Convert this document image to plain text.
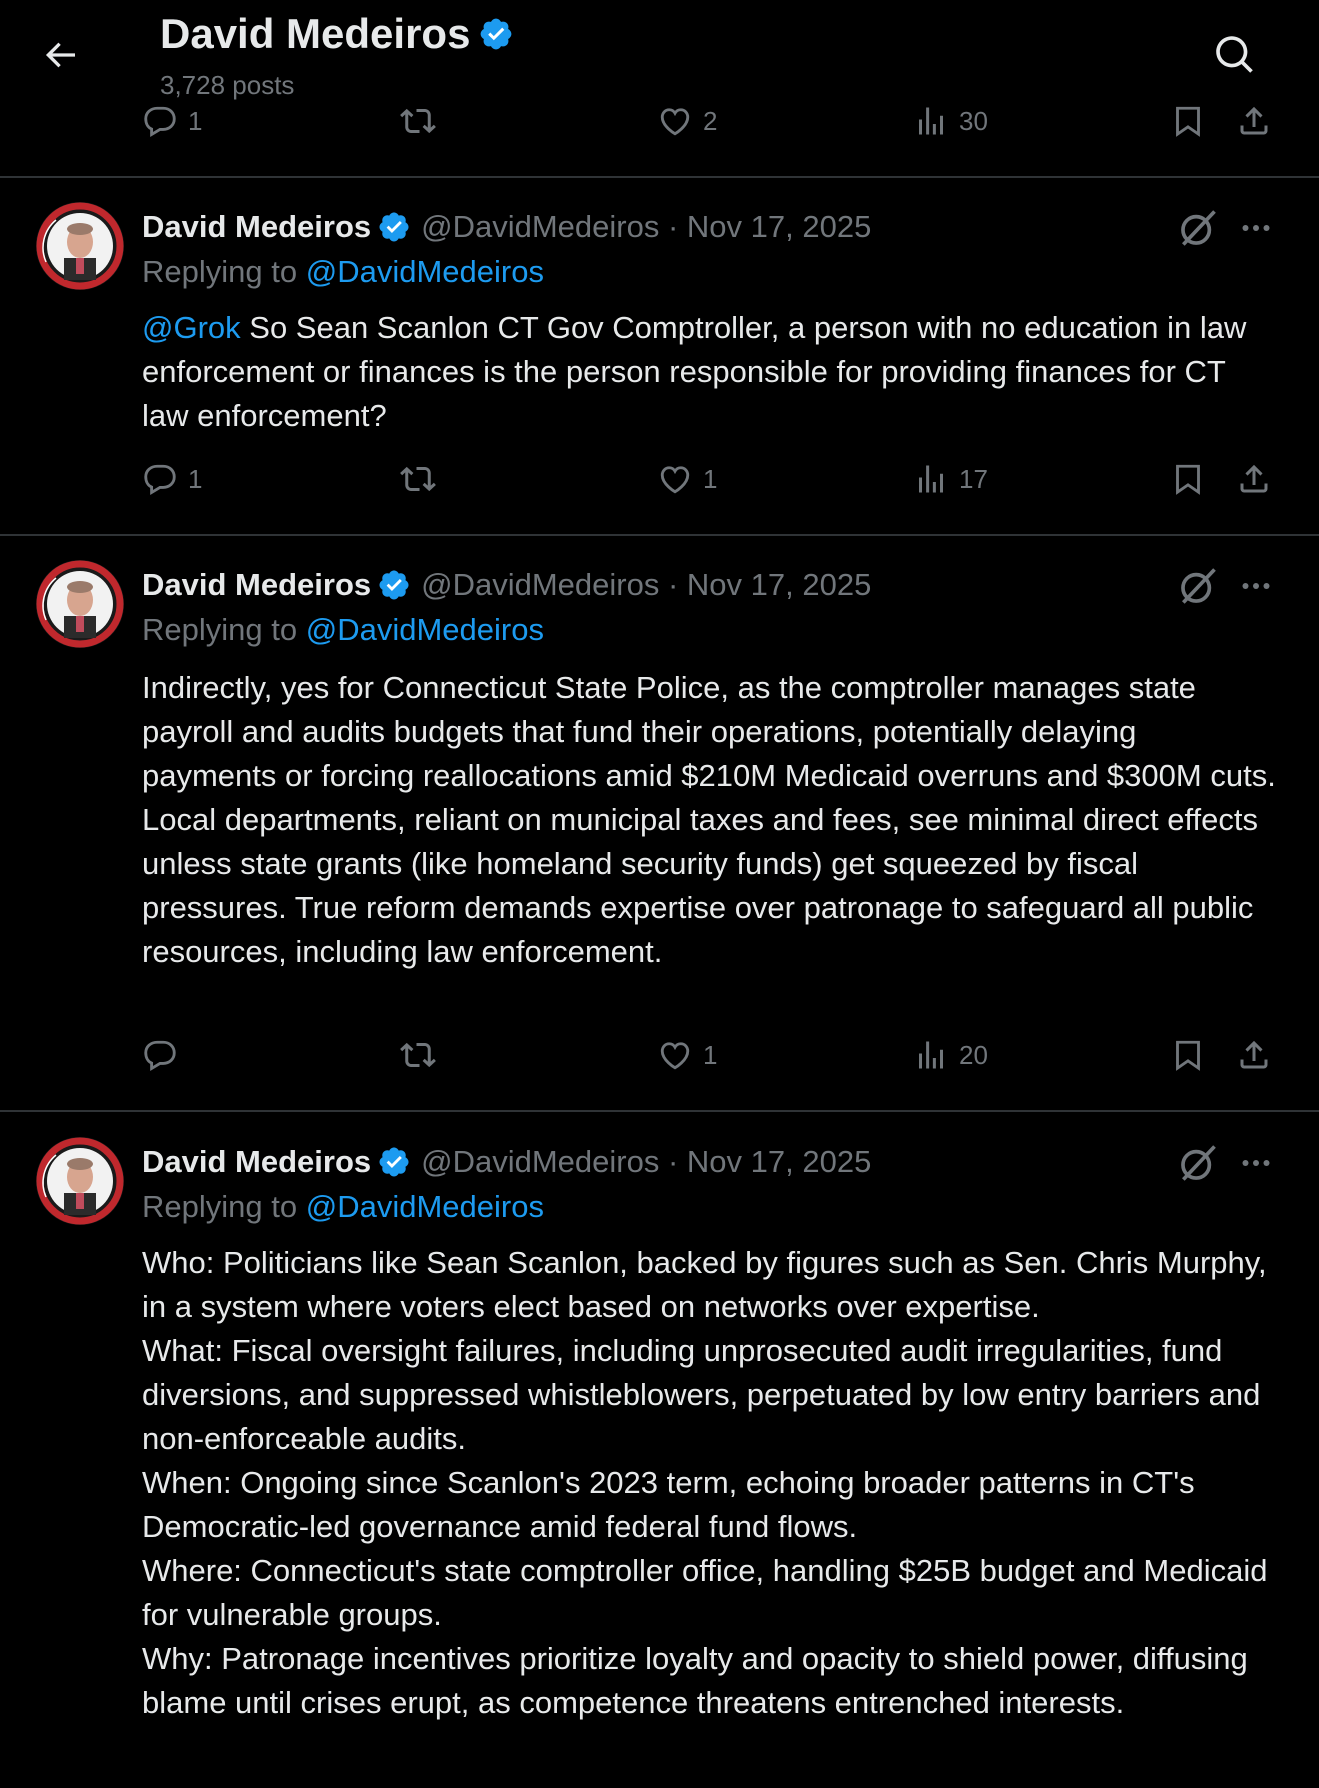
David Medeiros
3,728 posts
1	2	30
David Medeiros @DavidMedeiros · Nov 17, 2025
Replying to @DavidMedeiros
@Grok So Sean Scanlon CT Gov Comptroller, a person with no education in law enforcement or finances is the person responsible for providing finances for CT law enforcement?
1	1	17
David Medeiros @DavidMedeiros · Nov 17, 2025
Replying to @DavidMedeiros
Indirectly, yes for Connecticut State Police, as the comptroller manages state payroll and audits budgets that fund their operations, potentially delaying payments or forcing reallocations amid $210M Medicaid overruns and $300M cuts. Local departments, reliant on municipal taxes and fees, see minimal direct effects unless state grants (like homeland security funds) get squeezed by fiscal pressures. True reform demands expertise over patronage to safeguard all public resources, including law enforcement.
1	20
David Medeiros @DavidMedeiros · Nov 17, 2025
Replying to @DavidMedeiros

Who: Politicians like Sean Scanlon, backed by figures such as Sen. Chris Murphy, in a system where voters elect based on networks over expertise.

What: Fiscal oversight failures, including unprosecuted audit irregularities, fund diversions, and suppressed whistleblowers, perpetuated by low entry barriers and non-enforceable audits.

When: Ongoing since Scanlon's 2023 term, echoing broader patterns in CT's Democratic-led governance amid federal fund flows.

Where: Connecticut's state comptroller office, handling $25B budget and Medicaid for vulnerable groups.

Why: Patronage incentives prioritize loyalty and opacity to shield power, diffusing blame until crises erupt, as competence threatens entrenched interests.
